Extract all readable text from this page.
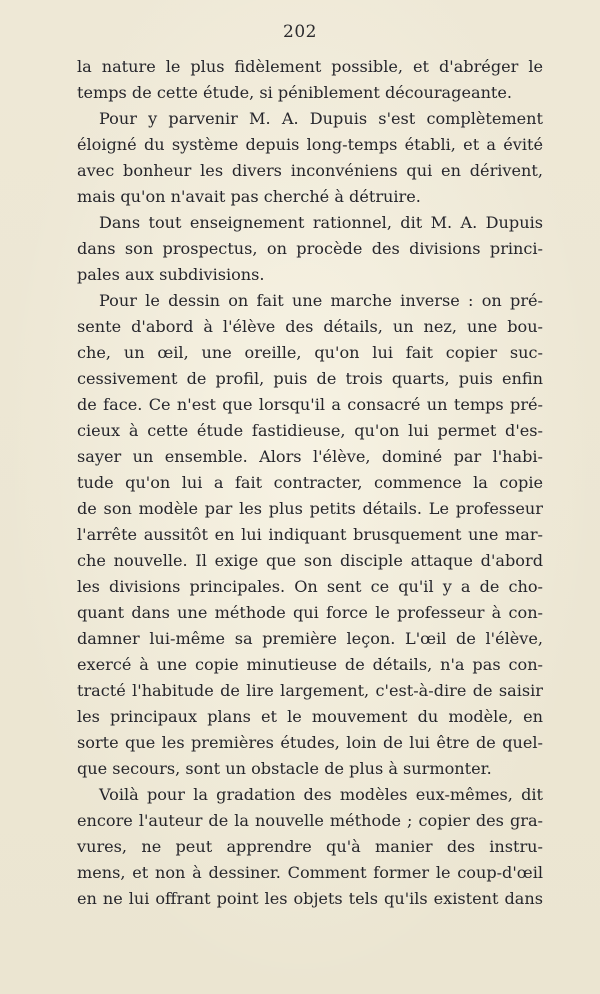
202
la nature le plus fidèlement possible, et d'abréger le
temps de cette étude, si péniblement décourageante.
Pour y parvenir M. A. Dupuis s'est complètement
éloigné du système depuis long-temps établi, et a évité
avec bonheur les divers inconvéniens qui en dérivent,
mais qu'on n'avait pas cherché à détruire.
Dans tout enseignement rationnel, dit M. A. Dupuis
dans son prospectus, on procède des divisions princi-
pales aux subdivisions.
Pour le dessin on fait une marche inverse : on pré-
sente d'abord à l'élève des détails, un nez, une bou-
che, un œil, une oreille, qu'on lui fait copier suc-
cessivement de profil, puis de trois quarts, puis enfin
de face. Ce n'est que lorsqu'il a consacré un temps pré-
cieux à cette étude fastidieuse, qu'on lui permet d'es-
sayer un ensemble. Alors l'élève, dominé par l'habi-
tude qu'on lui a fait contracter, commence la copie
de son modèle par les plus petits détails. Le professeur
l'arrête aussitôt en lui indiquant brusquement une mar-
che nouvelle. Il exige que son disciple attaque d'abord
les divisions principales. On sent ce qu'il y a de cho-
quant dans une méthode qui force le professeur à con-
damner lui-même sa première leçon. L'œil de l'élève,
exercé à une copie minutieuse de détails, n'a pas con-
tracté l'habitude de lire largement, c'est-à-dire de saisir
les principaux plans et le mouvement du modèle, en
sorte que les premières études, loin de lui être de quel-
que secours, sont un obstacle de plus à surmonter.
Voilà pour la gradation des modèles eux-mêmes, dit
encore l'auteur de la nouvelle méthode ; copier des gra-
vures, ne peut apprendre qu'à manier des instru-
mens, et non à dessiner. Comment former le coup-d'œil
en ne lui offrant point les objets tels qu'ils existent dans
